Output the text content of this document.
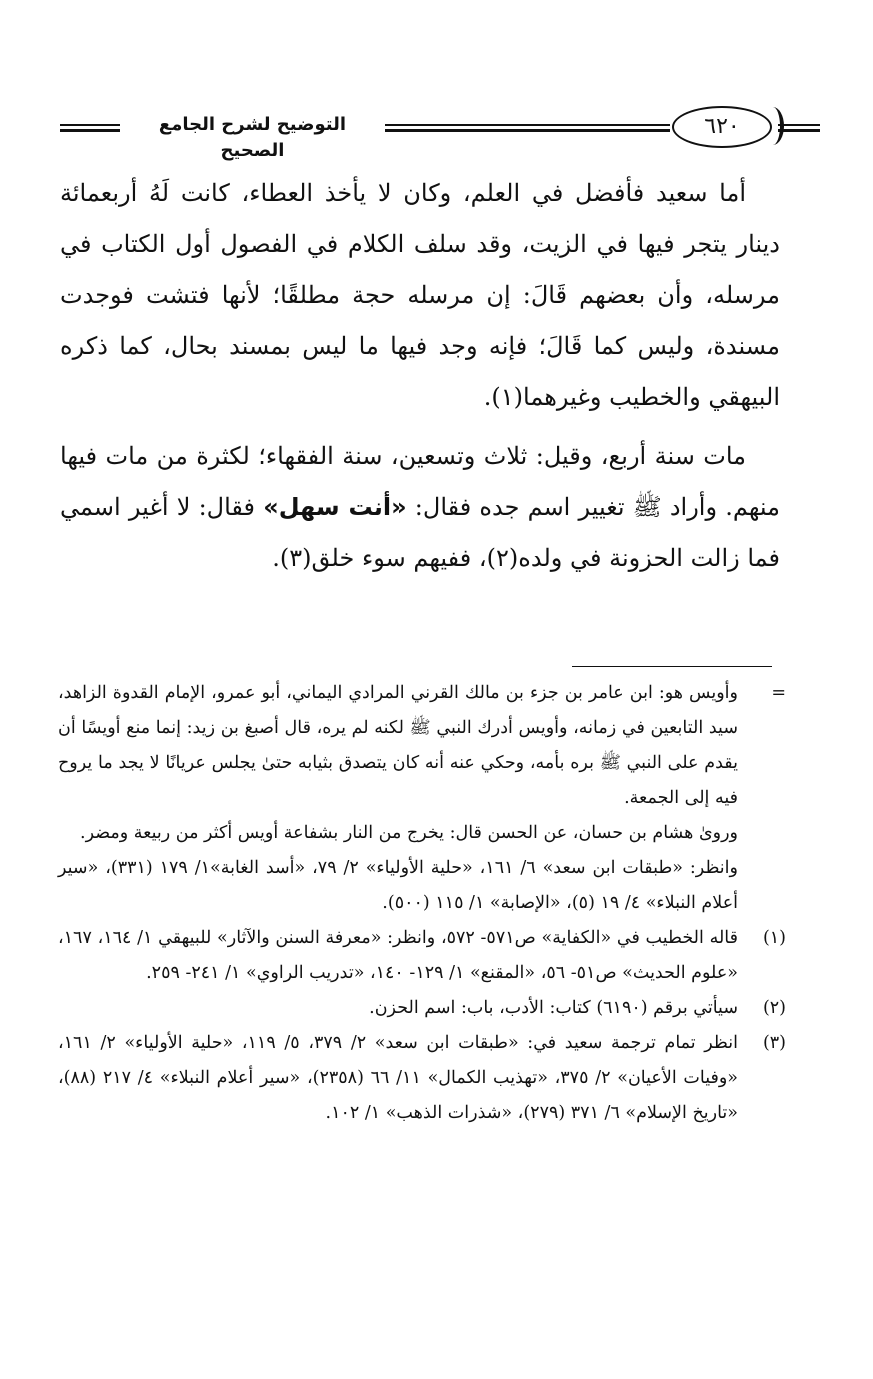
التوضيح لشرح الجامع الصحيح
٦٢٠

أما سعيد فأفضل في العلم، وكان لا يأخذ العطاء، كانت لَهُ أربعمائة دينار يتجر فيها في الزيت، وقد سلف الكلام في الفصول أول الكتاب في مرسله، وأن بعضهم قَالَ: إن مرسله حجة مطلقًا؛ لأنها فتشت فوجدت مسندة، وليس كما قَالَ؛ فإنه وجد فيها ما ليس بمسند بحال، كما ذكره البيهقي والخطيب وغيرهما(١).

مات سنة أربع، وقيل: ثلاث وتسعين، سنة الفقهاء؛ لكثرة من مات فيها منهم. وأراد ﷺ تغيير اسم جده فقال: «أنت سهل» فقال: لا أغير اسمي فما زالت الحزونة في ولده(٢)، ففيهم سوء خلق(٣).

=

وأويس هو: ابن عامر بن جزء بن مالك القرني المرادي اليماني، أبو عمرو، الإمام القدوة الزاهد، سيد التابعين في زمانه، وأويس أدرك النبي ﷺ لكنه لم يره، قال أصبغ بن زيد: إنما منع أويسًا أن يقدم على النبي ﷺ بره بأمه، وحكي عنه أنه كان يتصدق بثيابه حتىٰ يجلس عريانًا لا يجد ما يروح فيه إلى الجمعة.

ورویٰ هشام بن حسان، عن الحسن قال: يخرج من النار بشفاعة أويس أكثر من ربيعة ومضر.

وانظر: «طبقات ابن سعد» ٦/ ١٦١، «حلية الأولياء» ٢/ ٧٩، «أسد الغابة»١/ ١٧٩ (٣٣١)، «سير أعلام النبلاء» ٤/ ١٩ (٥)، «الإصابة» ١/ ١١٥ (٥٠٠).

(١)

قاله الخطيب في «الكفاية» ص٥٧١- ٥٧٢، وانظر: «معرفة السنن والآثار» للبيهقي ١/ ١٦٤، ١٦٧، «علوم الحديث» ص٥١- ٥٦، «المقنع» ١/ ١٢٩- ١٤٠، «تدريب الراوي» ١/ ٢٤١- ٢٥٩.

(٢)

سيأتي برقم (٦١٩٠) كتاب: الأدب، باب: اسم الحزن.

(٣)

انظر تمام ترجمة سعيد في: «طبقات ابن سعد» ٢/ ٣٧٩، ٥/ ١١٩، «حلية الأولياء» ٢/ ١٦١، «وفيات الأعيان» ٢/ ٣٧٥، «تهذيب الكمال» ١١/ ٦٦ (٢٣٥٨)، «سير أعلام النبلاء» ٤/ ٢١٧ (٨٨)، «تاريخ الإسلام» ٦/ ٣٧١ (٢٧٩)، «شذرات الذهب» ١/ ١٠٢.
